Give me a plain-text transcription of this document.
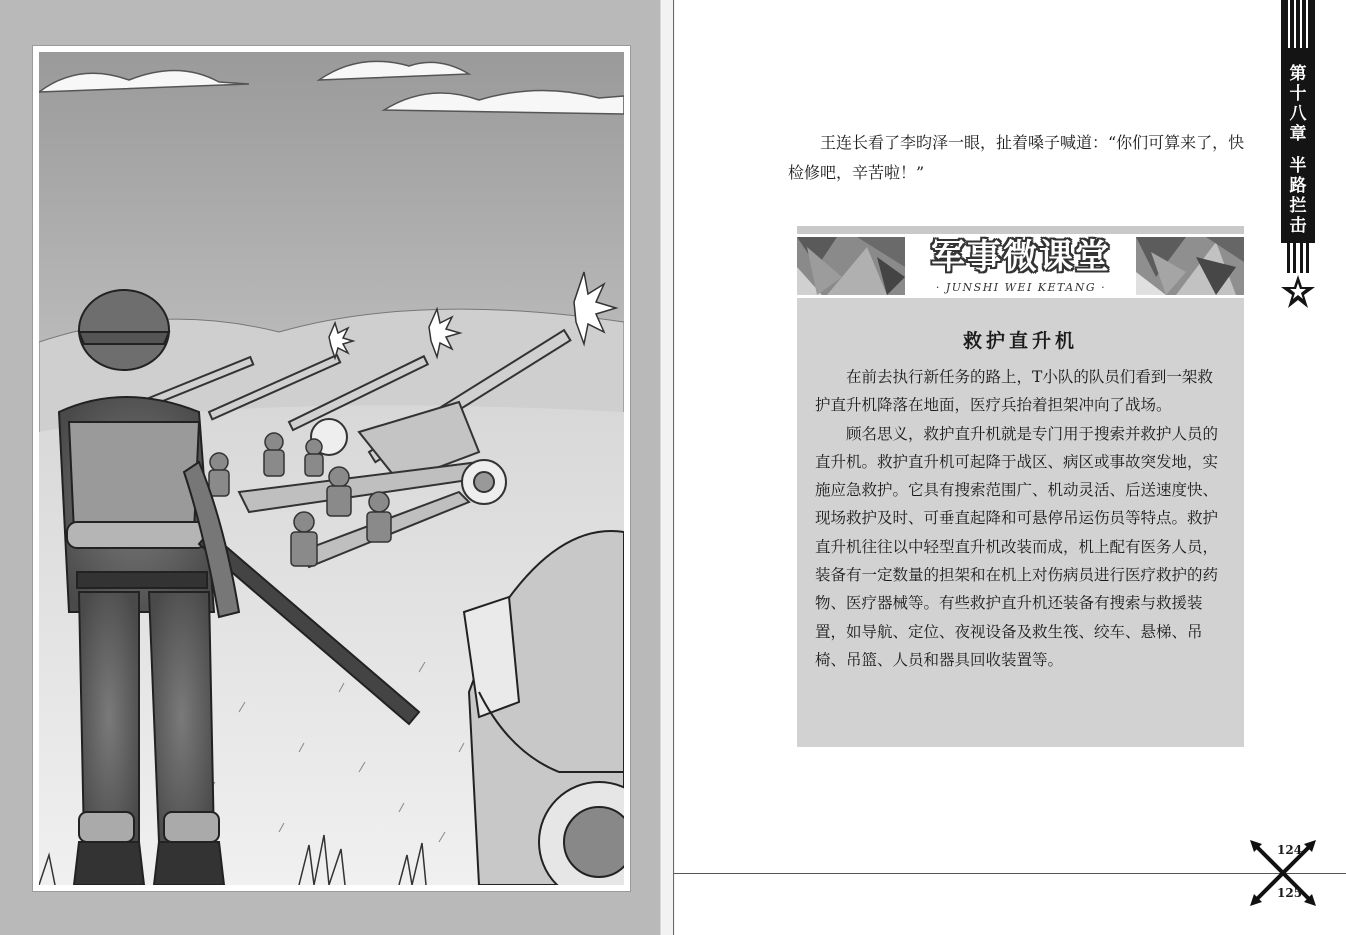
王连长看了李昀泽一眼，扯着嗓子喊道：“你们可算来了，快检修吧，辛苦啦！”

军事微课堂
· JUNSHI WEI KETANG ·
救护直升机

在前去执行新任务的路上，T小队的队员们看到一架救护直升机降落在地面，医疗兵抬着担架冲向了战场。

顾名思义，救护直升机就是专门用于搜索并救护人员的直升机。救护直升机可起降于战区、病区或事故突发地，实施应急救护。它具有搜索范围广、机动灵活、后送速度快、现场救护及时、可垂直起降和可悬停吊运伤员等特点。救护直升机往往以中轻型直升机改装而成，机上配有医务人员，装备有一定数量的担架和在机上对伤病员进行医疗救护的药物、医疗器械等。有些救护直升机还装备有搜索与救援装置，如导航、定位、夜视设备及救生筏、绞车、悬梯、吊椅、吊篮、人员和器具回收装置等。

第
十
八
章
半
路
拦
击
124
125
